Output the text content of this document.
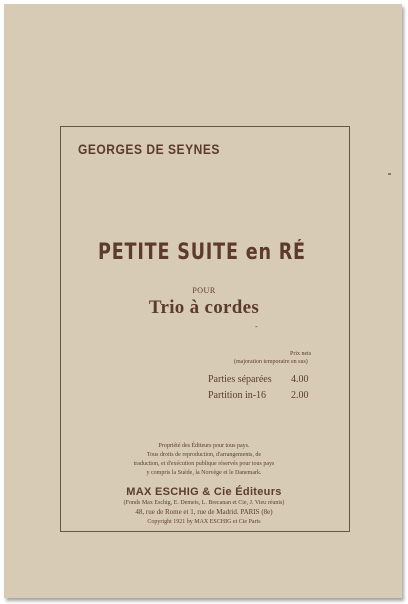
GEORGES DE SEYNES

PETITE SUITE en RÉ

POUR

Trio à cordes

-

Prix nets

(majoration temporaire en sus)

Parties séparées 4.00
Partition in-16 2.00

Propriété des Éditeurs pour tous pays.

Tous droits de reproduction, d'arrangements, de

traduction, et d'exécution publique réservés pour tous pays

y compris la Suède, la Norvège et le Danemark.

MAX ESCHIG & Cie Éditeurs

(Fonds Max Eschig, E. Demets, L. Brecanan et Cie, J. Vieu réunis)

48, rue de Rome et 1, rue de Madrid. PARIS (8e)

Copyright 1921 by MAX ESCHIG et Cie Paris
